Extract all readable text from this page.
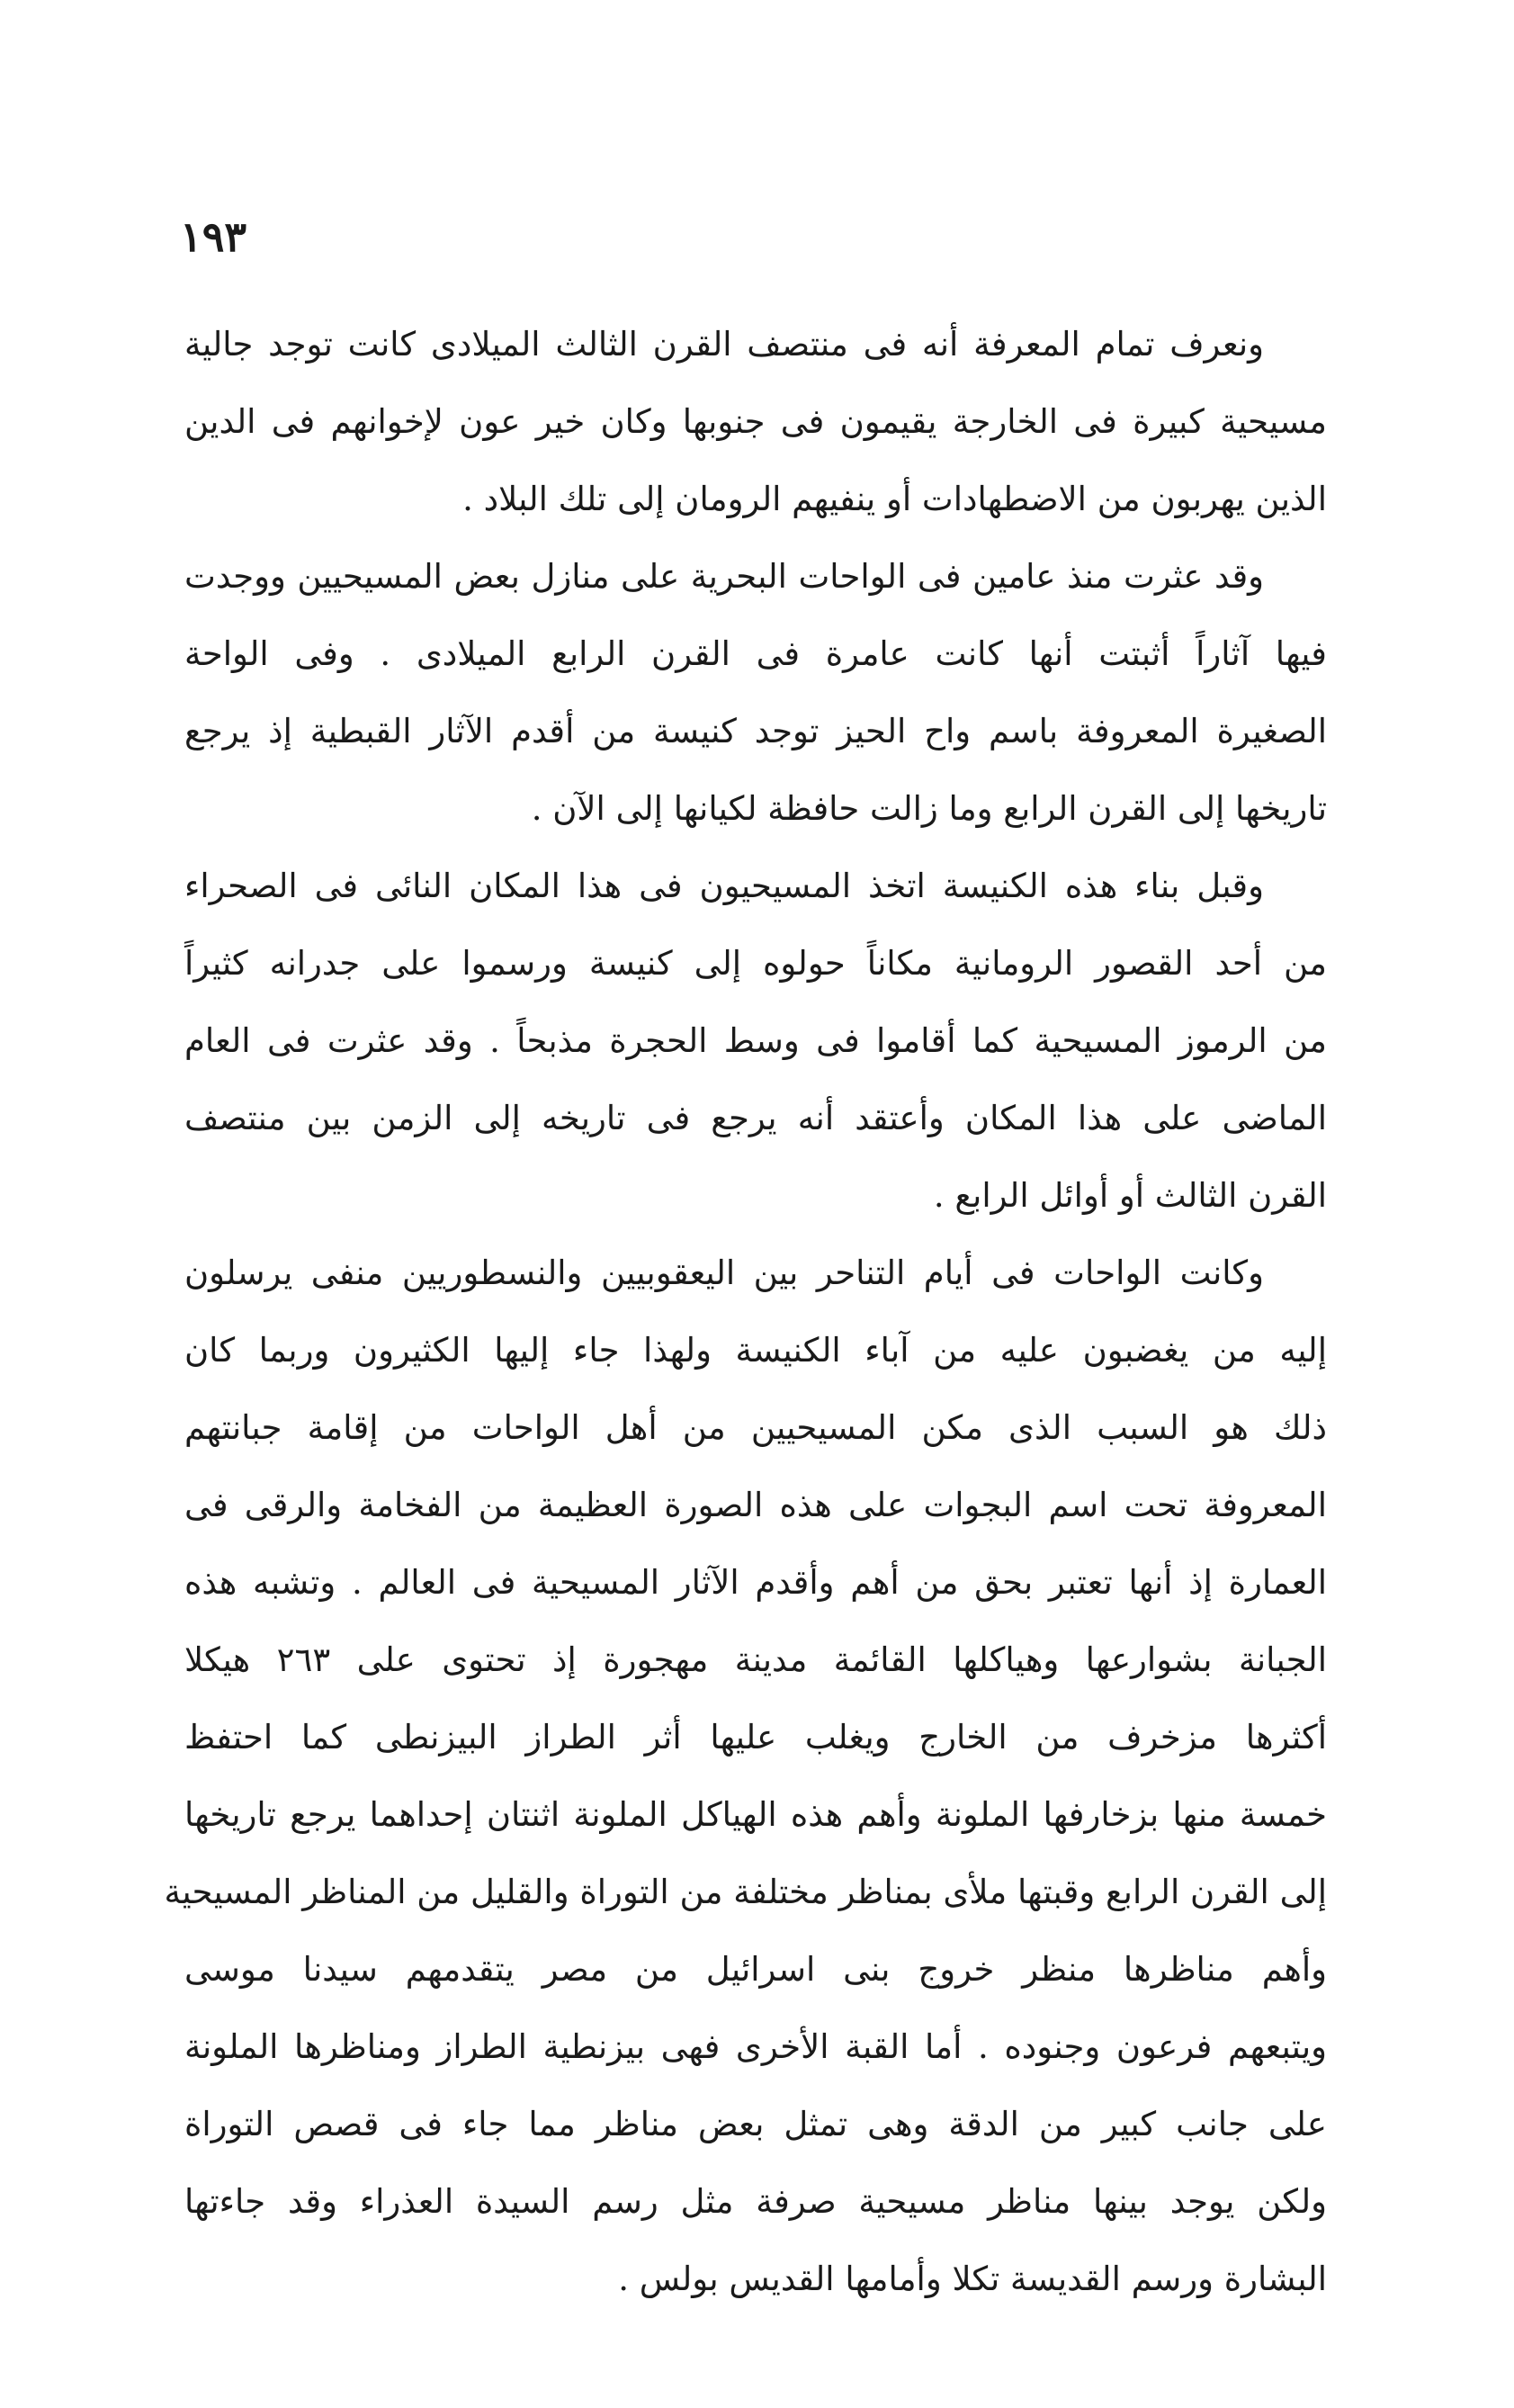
١٩٣

ونعرف تمام المعرفة أنه فى منتصف القرن الثالث الميلادى كانت توجد جالية
مسيحية كبيرة فى الخارجة يقيمون فى جنوبها وكان خير عون لإخوانهم فى الدين
الذين يهربون من الاضطهادات أو ينفيهم الرومان إلى تلك البلاد .

وقد عثرت منذ عامين فى الواحات البحرية على منازل بعض المسيحيين ووجدت
فيها آثاراً أثبتت أنها كانت عامرة فى القرن الرابع الميلادى . وفى الواحة
الصغيرة المعروفة باسم واح الحيز توجد كنيسة من أقدم الآثار القبطية إذ يرجع
تاريخها إلى القرن الرابع وما زالت حافظة لكيانها إلى الآن .

وقبل بناء هذه الكنيسة اتخذ المسيحيون فى هذا المكان النائى فى الصحراء
من أحد القصور الرومانية مكاناً حولوه إلى كنيسة ورسموا على جدرانه كثيراً
من الرموز المسيحية كما أقاموا فى وسط الحجرة مذبحاً . وقد عثرت فى العام
الماضى على هذا المكان وأعتقد أنه يرجع فى تاريخه إلى الزمن بين منتصف
القرن الثالث أو أوائل الرابع .

وكانت الواحات فى أيام التناحر بين اليعقوبيين والنسطوريين منفى يرسلون
إليه من يغضبون عليه من آباء الكنيسة ولهذا جاء إليها الكثيرون وربما كان
ذلك هو السبب الذى مكن المسيحيين من أهل الواحات من إقامة جبانتهم
المعروفة تحت اسم البجوات على هذه الصورة العظيمة من الفخامة والرقى فى
العمارة إذ أنها تعتبر بحق من أهم وأقدم الآثار المسيحية فى العالم . وتشبه هذه
الجبانة بشوارعها وهياكلها القائمة مدينة مهجورة إذ تحتوى على ٢٦٣ هيكلا
أكثرها مزخرف من الخارج ويغلب عليها أثر الطراز البيزنطى كما احتفظ
خمسة منها بزخارفها الملونة وأهم هذه الهياكل الملونة اثنتان إحداهما يرجع تاريخها
إلى القرن الرابع وقبتها ملأى بمناظر مختلفة من التوراة والقليل من المناظر المسيحية
وأهم مناظرها منظر خروج بنى اسرائيل من مصر يتقدمهم سيدنا موسى
ويتبعهم فرعون وجنوده . أما القبة الأخرى فهى بيزنطية الطراز ومناظرها الملونة
على جانب كبير من الدقة وهى تمثل بعض مناظر مما جاء فى قصص التوراة
ولكن يوجد بينها مناظر مسيحية صرفة مثل رسم السيدة العذراء وقد جاءتها
البشارة ورسم القديسة تكلا وأمامها القديس بولس .
